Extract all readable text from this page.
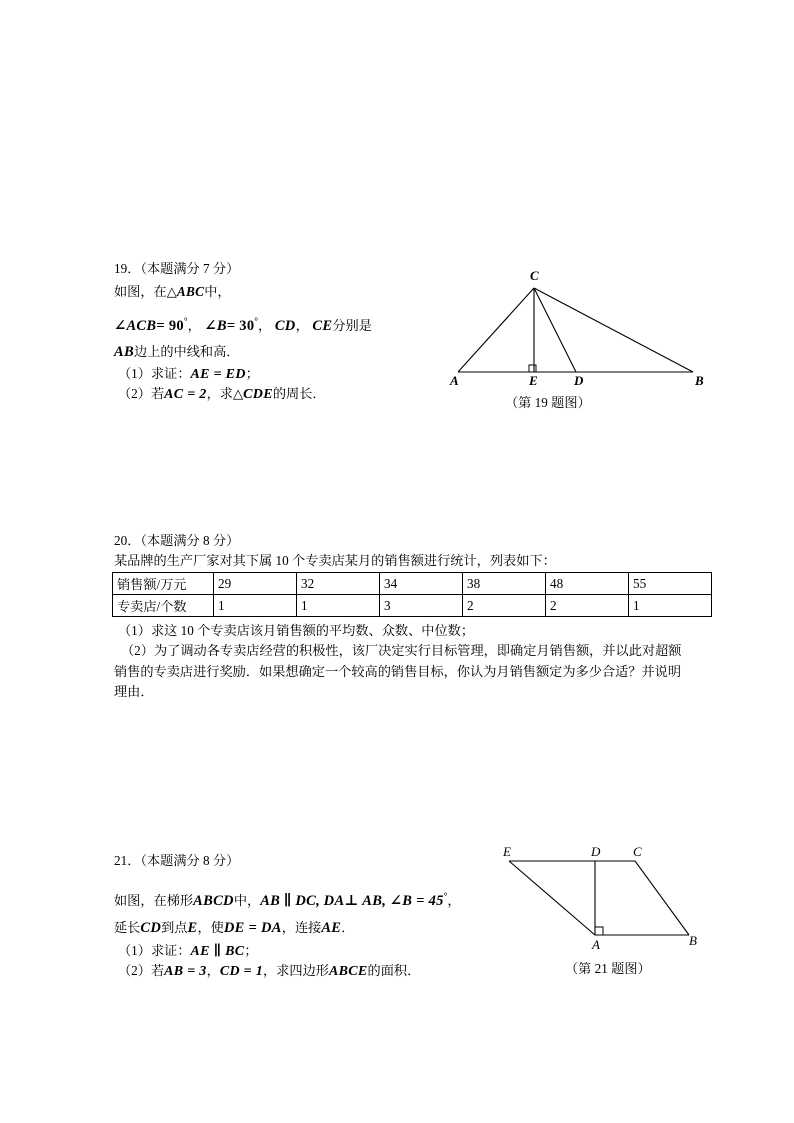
19．（本题满分 7 分）
如图，在△ABC中，
∠ACB= 90°， ∠B= 30°， CD， CE分别是
AB边上的中线和高．
（1）求证：AE = ED；
（2）若AC = 2，求△CDE的周长．
A	E	D	B
C
（第 19 题图）
20．（本题满分 8 分）
某品牌的生产厂家对其下属 10 个专卖店某月的销售额进行统计，列表如下：
销售额/万元	29	32	34	38	48	55
专卖店/个数	1	1	3	2	2	1
（1）求这 10 个专卖店该月销售额的平均数、众数、中位数；
（2）为了调动各专卖店经营的积极性，该厂决定实行目标管理，即确定月销售额，并以此对超额销售的专卖店进行奖励．如果想确定一个较高的销售目标，你认为月销售额定为多少合适？并说明理由．
21．（本题满分 8 分）
如图，在梯形ABCD中，AB ∥ DC, DA⊥ AB, ∠B = 45°，
延长CD到点E，使DE = DA，连接AE．
（1）求证：AE ∥ BC；
（2）若AB = 3，CD = 1，求四边形ABCE的面积．
E	D	C
A	B
（第 21 题图）
